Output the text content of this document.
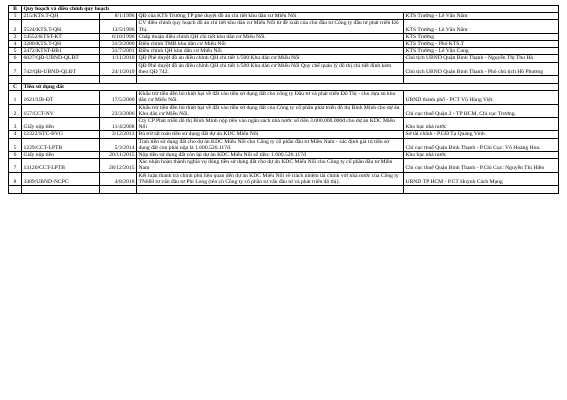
B	Quy hoạch và điều chỉnh quy hoạch			
1	215/KTS.T-QH	8/1/1996	QĐ của KTS Trưởng TP phê duyệt đồ án chi tiết khu dân cư Miếu Nổi	KTS Trưởng - Lê Văn Năm
2	5524/KTS.T-QH	13/5/1996	CV điều chỉnh quy hoạch đồ án chi tiết khu dân cư Miếu Nổi từ đề xuất của chủ đầu tư Công ty đầu tư phát triển Đô Thị.	KTS Trưởng - Lê Văn Năm
3	14552/KTST-KT	6/10/1996	Chấp thuận điều chỉnh QH chi tiết khu dân cư Miếu Nổi.	KTS Trưởng
4	3280/KTS.T-QH	31/3/2000	Điều chỉnh TMB khu dân cư Miếu Nổi	KTS Trưởng - Phó KTS.T
5	2472/KTST-BB1	31/7/2001	Điều chỉnh QH khu dân cư Miếu Nổi	KTS Trưởng - Lê Văn Cung
6	6827/QĐ-UBND-QLĐT	1/11/2010	QĐ Phê duyệt đồ án điều chỉnh QH chi tiết 1/500 Khu dân cư Miếu Nổi	Chủ tịch UBND Quận Bình Thạnh - Nguyễn Thị Thu Hà
7	742/QĐ-UBND-QLĐT	24/1/2019	QĐ Phê duyệt đồ án điều chỉnh QH chi tiết 1/500 Khu dân cư Miếu Nổi Quy chế quản lý đô thị chi tiết đính kèm theo QĐ 742.	Chủ tịch UBND Quận Bình Thạnh - Phó chủ tịch Hồ Phương

C	Tiền sử dụng đất			
1	1621/UB-ĐT	17/5/2000	Khấu trừ tiền đền bù thiệt hại về đất vào tiền sử dụng đất cho công ty Đầu tư và phát triển Đô Thị - cho dựa sn khu dân cư Miếu Nổi.	UBND thành phố - PCT Vũ Hùng Việt.
2	157/CCT-NV	23/3/2006	Khấu trừ tiền đền bù thiệt hại về đất vào tiền sử dụng đất của Công ty cổ phần phát triển đô thị Bình Minh cho dự án Khu dân cư Miếu Nổi.	Chi cục thuế Quận 2 - TP HCM, Chi cục Trưởng.
3	Giấy nộp tiền	11/4/2008	Cty CP Phát triển đô thị Bình Minh nộp tiền vào ngân sách nhà nước số tiền 3.000.000.000đ cho dự án KDC Miếu Nổi	Kho bạc nhà nước
4	12322/STC-BVG	3/12/2013	Bù trừ tất toán tiền sử dụng đất dự án KDC Miếu Nổi	Sở tài chính - P.GĐ Tạ Quang Vinh
5	1229/CCT-LPTB	5/3/2014	Tính tiền sử dụng đất cho dự án KDC Miếu Nổi cho Công ty cổ phần đầu tư Miền Nam - xác định giá trị tiền sử dụng đất còn phải nộp là 1.600.526.117đ.	Chi cục thuế Quận Bình Thạnh - P.Chi Cục: Võ Hoàng Hoa.
6	Giấy nộp tiền	20/11/2015	Nộp tiền sử dụng đất còn lại dự án KDC Miếu Nổi số tiền: 1.600.526.117đ	Kho bạc nhà nước
7	13120/CCT-LPTB	28/12/2015	Xác nhận hoàn thành nghĩa vụ đóng tiền sử dụng đất cho dự án KDC Miếu Nổi cho Công ty cổ phần đầu tư Miền Nam	Chi cục thuế Quận Bình Thạnh - P.Chi Cục: Nguyễn Thị Hiền
8	3489/UBND-NCPC	4/8/2018	Kết luận thanh tra chính phủ liên quan đến dự án KDC Miếu Nổi về trách nhiệm tài chính với nhà nước của Công ty TNHH tư vấn đầu tư Phi Long (tên cũ Công ty cổ phần tư vấn đầu tư và phát triển đô thị).	UBND TP HCM - P.CT Huỳnh Cách Mạng
